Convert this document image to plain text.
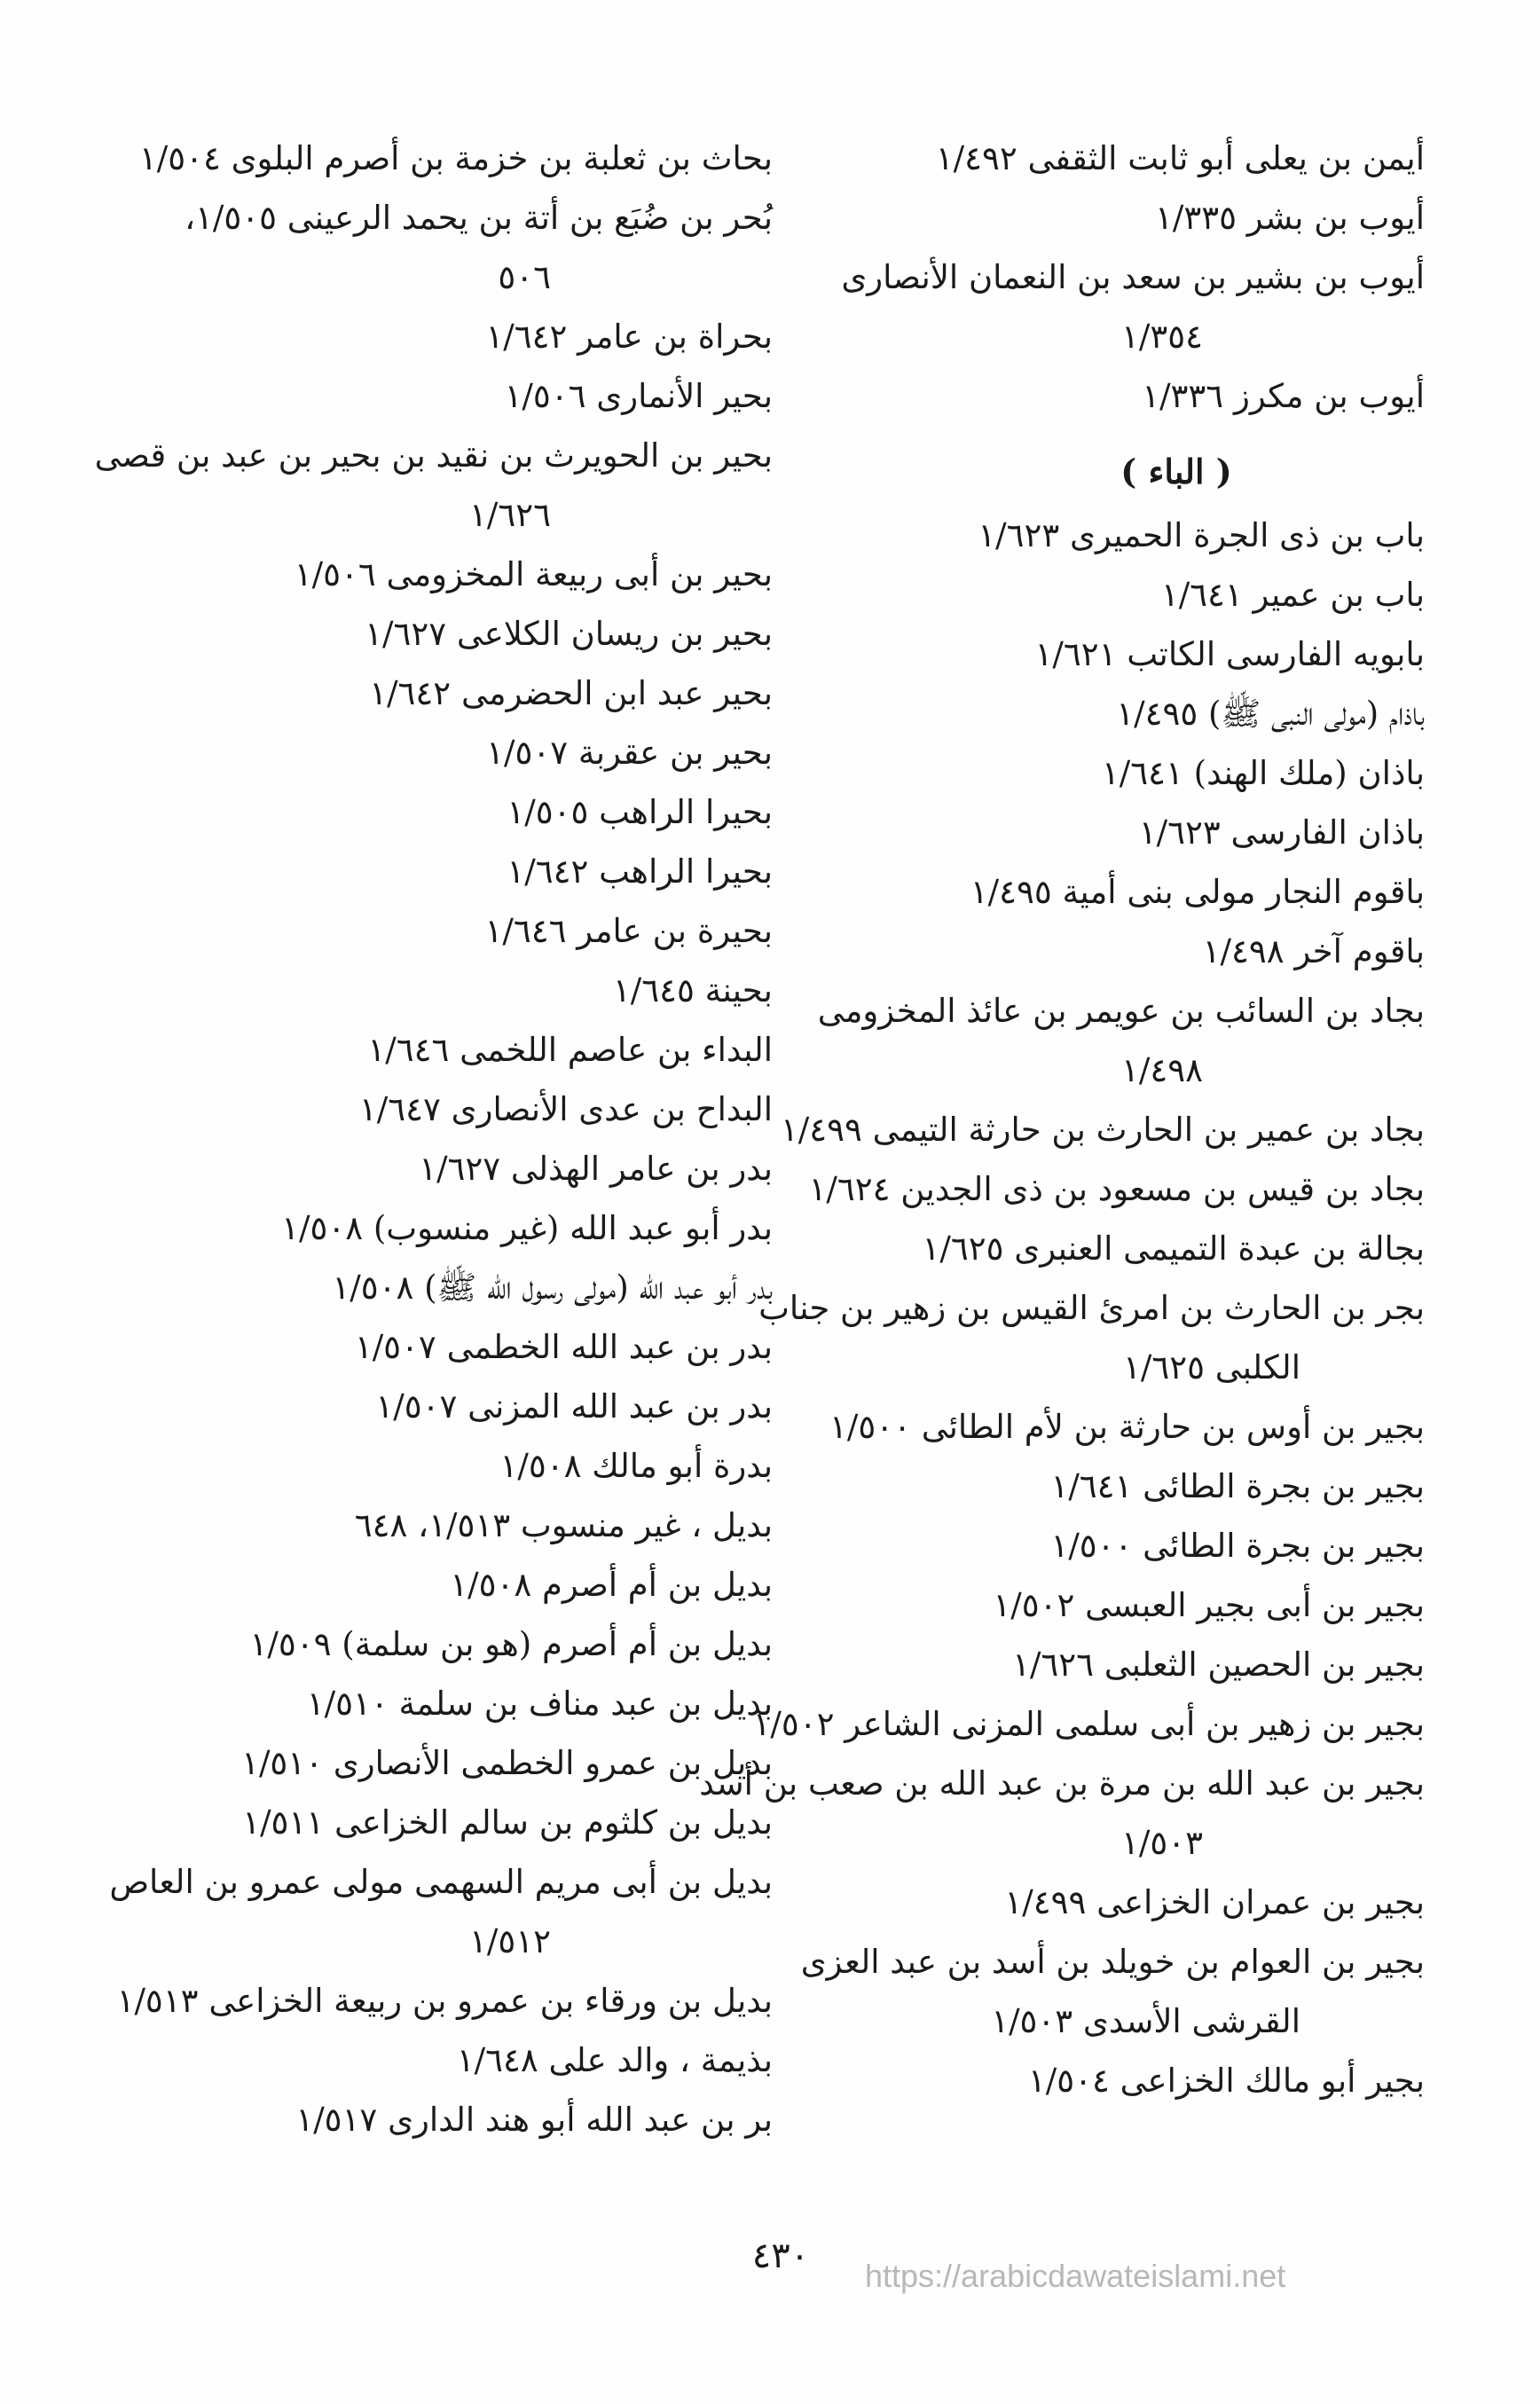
أيمن بن يعلى أبو ثابت الثقفى ١/٤٩٢
أيوب بن بشر ١/٣٣٥
أيوب بن بشير بن سعد بن النعمان الأنصارى
١/٣٥٤
أيوب بن مكرز ١/٣٣٦
( الباء )
باب بن ذى الجرة الحميرى ١/٦٢٣
باب بن عمير ١/٦٤١
بابويه الفارسى الكاتب ١/٦٢١
باذام (مولى النبى ﷺ) ١/٤٩٥
باذان (ملك الهند) ١/٦٤١
باذان الفارسى ١/٦٢٣
باقوم النجار مولى بنى أمية ١/٤٩٥
باقوم آخر ١/٤٩٨
بجاد بن السائب بن عويمر بن عائذ المخزومى
١/٤٩٨
بجاد بن عمير بن الحارث بن حارثة التيمى ١/٤٩٩
بجاد بن قيس بن مسعود بن ذى الجدين ١/٦٢٤
بجالة بن عبدة التميمى العنبرى ١/٦٢٥
بجر بن الحارث بن امرئ القيس بن زهير بن جناب
الكلبى ١/٦٢٥
بجير بن أوس بن حارثة بن لأم الطائى ١/٥٠٠
بجير بن بجرة الطائى ١/٦٤١
بجير بن بجرة الطائى ١/٥٠٠
بجير بن أبى بجير العبسى ١/٥٠٢
بجير بن الحصين الثعلبى ١/٦٢٦
بجير بن زهير بن أبى سلمى المزنى الشاعر ١/٥٠٢
بجير بن عبد الله بن مرة بن عبد الله بن صعب بن أسد
١/٥٠٣
بجير بن عمران الخزاعى ١/٤٩٩
بجير بن العوام بن خويلد بن أسد بن عبد العزى
القرشى الأسدى ١/٥٠٣
بجير أبو مالك الخزاعى ١/٥٠٤
بحاث بن ثعلبة بن خزمة بن أصرم البلوى ١/٥٠٤
بُحر بن ضُبَع بن أتة بن يحمد الرعينى ١/٥٠٥،
٥٠٦
بحراة بن عامر ١/٦٤٢
بحير الأنمارى ١/٥٠٦
بحير بن الحويرث بن نقيد بن بحير بن عبد بن قصى
١/٦٢٦
بحير بن أبى ربيعة المخزومى ١/٥٠٦
بحير بن ريسان الكلاعى ١/٦٢٧
بحير عبد ابن الحضرمى ١/٦٤٢
بحير بن عقربة ١/٥٠٧
بحيرا الراهب ١/٥٠٥
بحيرا الراهب ١/٦٤٢
بحيرة بن عامر ١/٦٤٦
بحينة ١/٦٤٥
البداء بن عاصم اللخمى ١/٦٤٦
البداح بن عدى الأنصارى ١/٦٤٧
بدر بن عامر الهذلى ١/٦٢٧
بدر أبو عبد الله (غير منسوب) ١/٥٠٨
بدر أبو عبد الله (مولى رسول الله ﷺ) ١/٥٠٨
بدر بن عبد الله الخطمى ١/٥٠٧
بدر بن عبد الله المزنى ١/٥٠٧
بدرة أبو مالك ١/٥٠٨
بديل ، غير منسوب ١/٥١٣، ٦٤٨
بديل بن أم أصرم ١/٥٠٨
بديل بن أم أصرم (هو بن سلمة) ١/٥٠٩
بديل بن عبد مناف بن سلمة ١/٥١٠
بديل بن عمرو الخطمى الأنصارى ١/٥١٠
بديل بن كلثوم بن سالم الخزاعى ١/٥١١
بديل بن أبى مريم السهمى مولى عمرو بن العاص
١/٥١٢
بديل بن ورقاء بن عمرو بن ربيعة الخزاعى ١/٥١٣
بذيمة ، والد على ١/٦٤٨
بر بن عبد الله أبو هند الدارى ١/٥١٧
٤٣٠	https://arabicdawateislami.net
